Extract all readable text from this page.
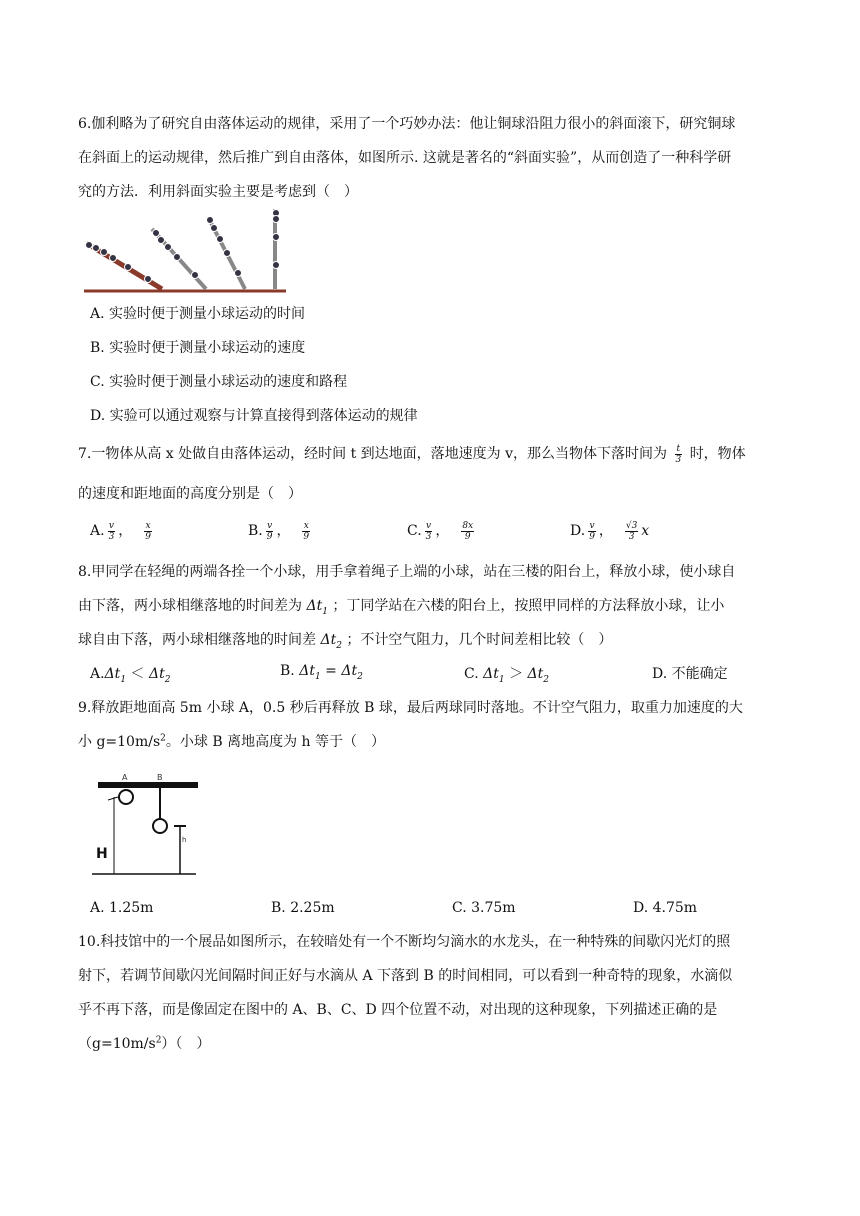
6.伽利略为了研究自由落体运动的规律，采用了一个巧妙办法：他让铜球沿阻力很小的斜面滚下，研究铜球
在斜面上的运动规律，然后推广到自由落体，如图所示. 这就是著名的“斜面实验”，从而创造了一种科学研
究的方法．利用斜面实验主要是考虑到（　）
A. 实验时便于测量小球运动的时间
B. 实验时便于测量小球运动的速度
C. 实验时便于测量小球运动的速度和路程
D. 实验可以通过观察与计算直接得到落体运动的规律
7.一物体从高 x 处做自由落体运动，经时间 t 到达地面，落地速度为 v，那么当物体下落时间为 $\frac{t}{3}$ 时，物体
的速度和距地面的高度分别是（　）
A. $\frac{v}{3}$ ， $\frac{x}{9}$	B. $\frac{v}{9}$ ， $\frac{x}{9}$	C. $\frac{v}{3}$ ， $\frac{8x}{9}$	D. $\frac{v}{9}$ ， $\frac{√3}{3}$ x
8.甲同学在轻绳的两端各拴一个小球，用手拿着绳子上端的小球，站在三楼的阳台上，释放小球，使小球自
由下落，两小球相继落地的时间差为 $\Delta t_1$ ；丁同学站在六楼的阳台上，按照甲同样的方法释放小球，让小
球自由下落，两小球相继落地的时间差 $\Delta t_2$ ；不计空气阻力，几个时间差相比较（　）
$A.\Delta t_1 < \Delta t_2$
B. $\Delta t_1 = \Delta t_2$	C. $\Delta t_1 > \Delta t_2$	D. 不能确定
9.释放距地面高 5m 小球 A，0.5 秒后再释放 B 球，最后两球同时落地。不计空气阻力，取重力加速度的大
小 $g=10m/s^2$。小球 B 离地高度为 h 等于（　）
A	B
h
H
A. 1.25m	B. 2.25m	C. 3.75m	D. 4.75m
10.科技馆中的一个展品如图所示，在较暗处有一个不断均匀滴水的水龙头，在一种特殊的间歇闪光灯的照
射下，若调节间歇闪光间隔时间正好与水滴从 A 下落到 B 的时间相同，可以看到一种奇特的现象，水滴似
乎不再下落，而是像固定在图中的 A、B、C、D 四个位置不动，对出现的这种现象，下列描述正确的是
$(g=10m/s^2)$（　）
